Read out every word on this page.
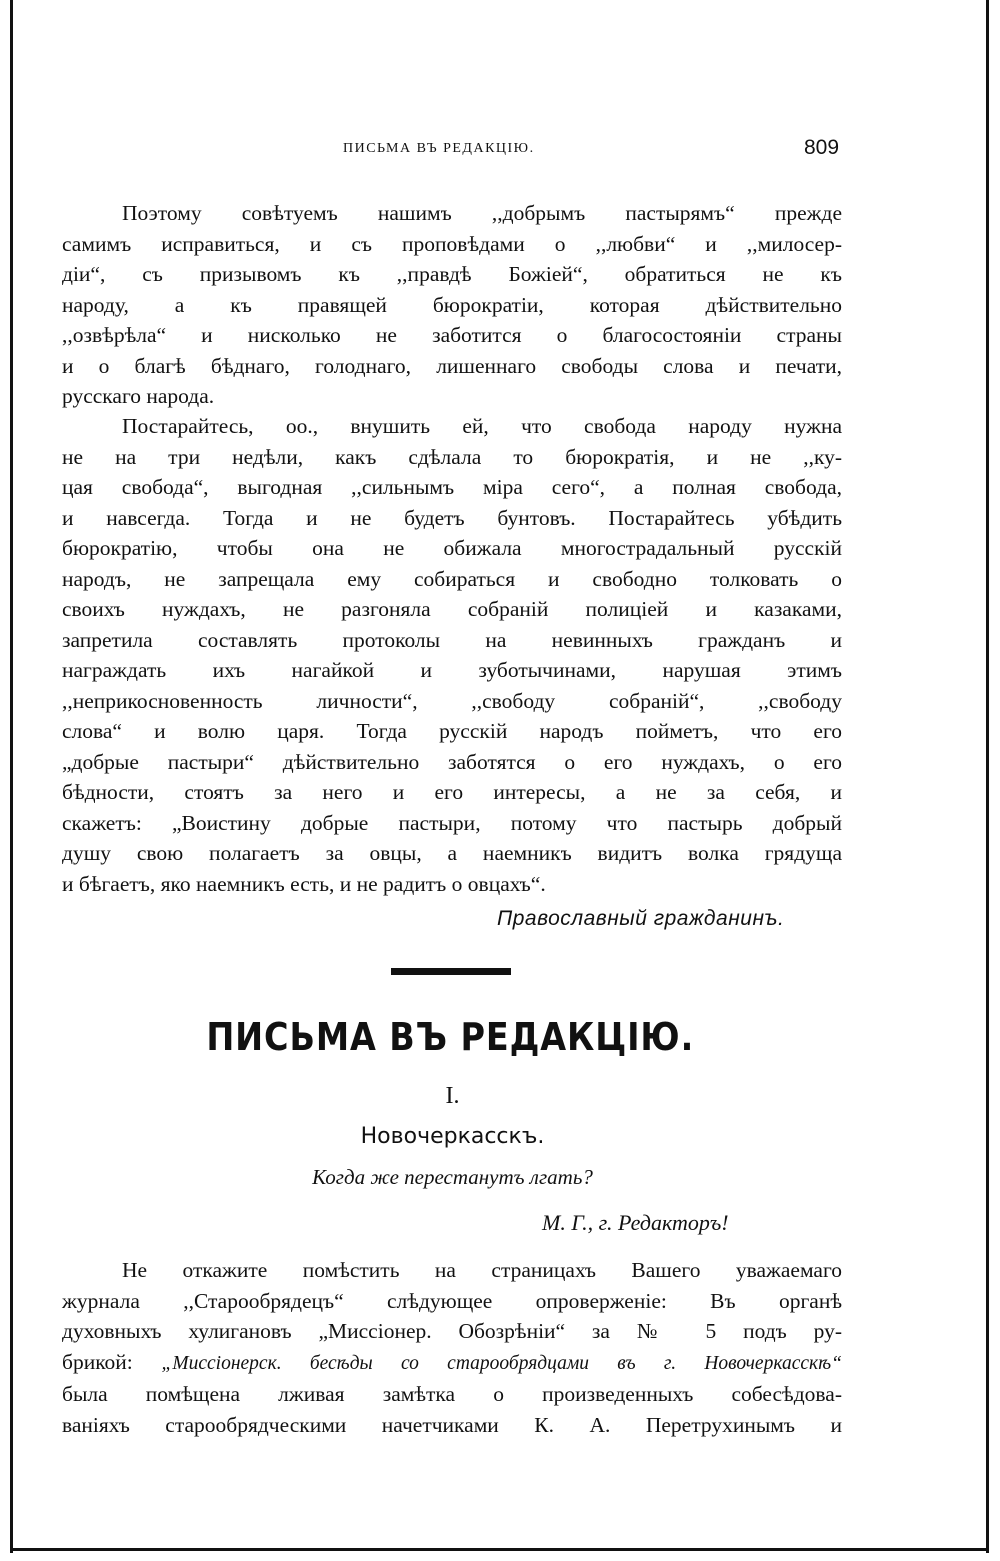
ПИСЬМА ВЪ РЕДАКЦІЮ.	809

Поэтому совѣтуемъ нашимъ ,,добрымъ пастырямъ“ прежде
самимъ исправиться, и съ проповѣдами о ,,любви“ и ,,милосер-
діи“, съ призывомъ къ ,,правдѣ Божіей“, обратиться не къ
народу, а къ правящей бюрократіи, которая дѣйствительно
,,озвѣрѣла“ и нисколько не заботится о благосостояніи страны
и о благѣ бѣднаго, голоднаго, лишеннаго свободы слова и печати,
русскаго народа.

Постарайтесь, оо., внушить ей, что свобода народу нужна
не на три недѣли, какъ сдѣлала то бюрократія, и не ,,ку-
цая свобода“, выгодная ,,сильнымъ міра сего“, а полная свобода,
и навсегда. Тогда и не будетъ бунтовъ. Постарайтесь убѣдить
бюрократію, чтобы она не обижала многострадальный русскій
народъ, не запрещала ему собираться и свободно толковать о
своихъ нуждахъ, не разгоняла собраній полиціей и казаками,
запретила составлять протоколы на невинныхъ гражданъ и
награждать ихъ нагайкой и зуботычинами, нарушая этимъ
,,неприкосновенность личности“, ,,свободу собраній“, ,,свободу
слова“ и волю царя. Тогда русскій народъ пойметъ, что его
„добрые пастыри“ дѣйствительно заботятся о его нуждахъ, о его
бѣдности, стоятъ за него и его интересы, а не за себя, и
скажетъ: „Воистину добрые пастыри, потому что пастырь добрый
душу свою полагаетъ за овцы, а наемникъ видитъ волка грядуща
и бѣгаетъ, яко наемникъ есть, и не радитъ о овцахъ“.

Православный гражданинъ.
ПИСЬМА ВЪ РЕДАКЦІЮ.
I.
Новочеркасскъ.
Когда же перестанутъ лгать?
М. Г., г. Редакторъ!

Не откажите помѣстить на страницахъ Вашего уважаемаго
журнала ,,Старообрядецъ“ слѣдующее опроверженіе: Въ органѣ
духовныхъ хулигановъ „Миссіонер. Обозрѣніи“ за № 5 подъ ру-
брикой: „Миссіонерск. бесѣды со старообрядцами въ г. Новочеркасскѣ“
была помѣщена лживая замѣтка о произведенныхъ собесѣдова-
ваніяхъ старообрядческими начетчиками К. А. Перетрухинымъ и
